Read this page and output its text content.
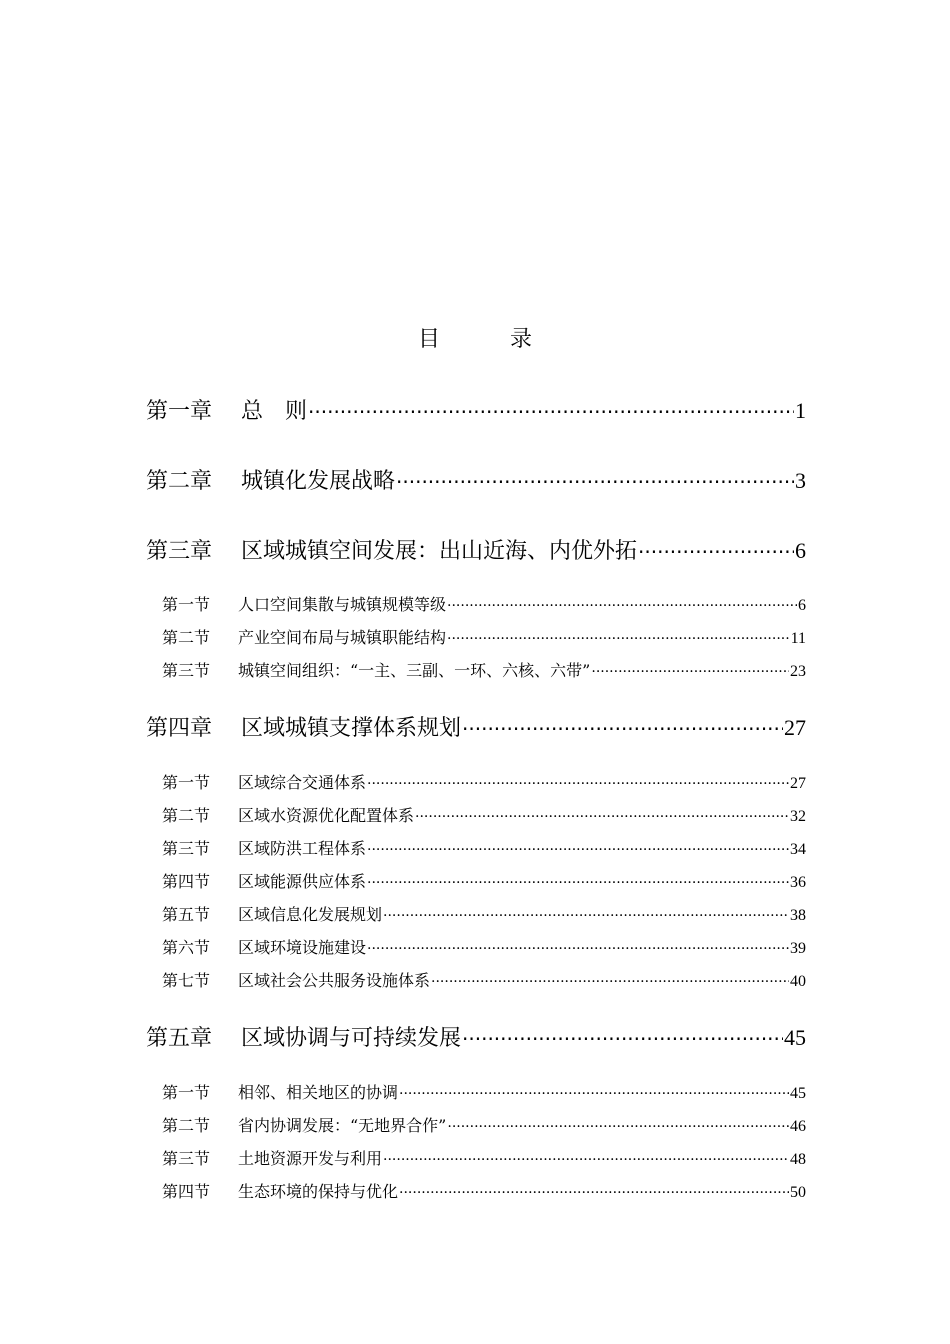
目　录
第一章	总　则 .....	1
第二章	城镇化发展战略 .....	3
第三章	区域城镇空间发展：出山近海、内优外拓 .....	6
第一节	人口空间集散与城镇规模等级 .....	6
第二节	产业空间布局与城镇职能结构 .....	11
第三节	城镇空间组织：“一主、三副、一环、六核、六带” .....	23
第四章	区域城镇支撑体系规划 .....	27
第一节	区域综合交通体系 .....	27
第二节	区域水资源优化配置体系 .....	32
第三节	区域防洪工程体系 .....	34
第四节	区域能源供应体系 .....	36
第五节	区域信息化发展规划 .....	38
第六节	区域环境设施建设 .....	39
第七节	区域社会公共服务设施体系 .....	40
第五章	区域协调与可持续发展 .....	45
第一节	相邻、相关地区的协调 .....	45
第二节	省内协调发展：“无地界合作” .....	46
第三节	土地资源开发与利用 .....	48
第四节	生态环境的保持与优化 .....	50
